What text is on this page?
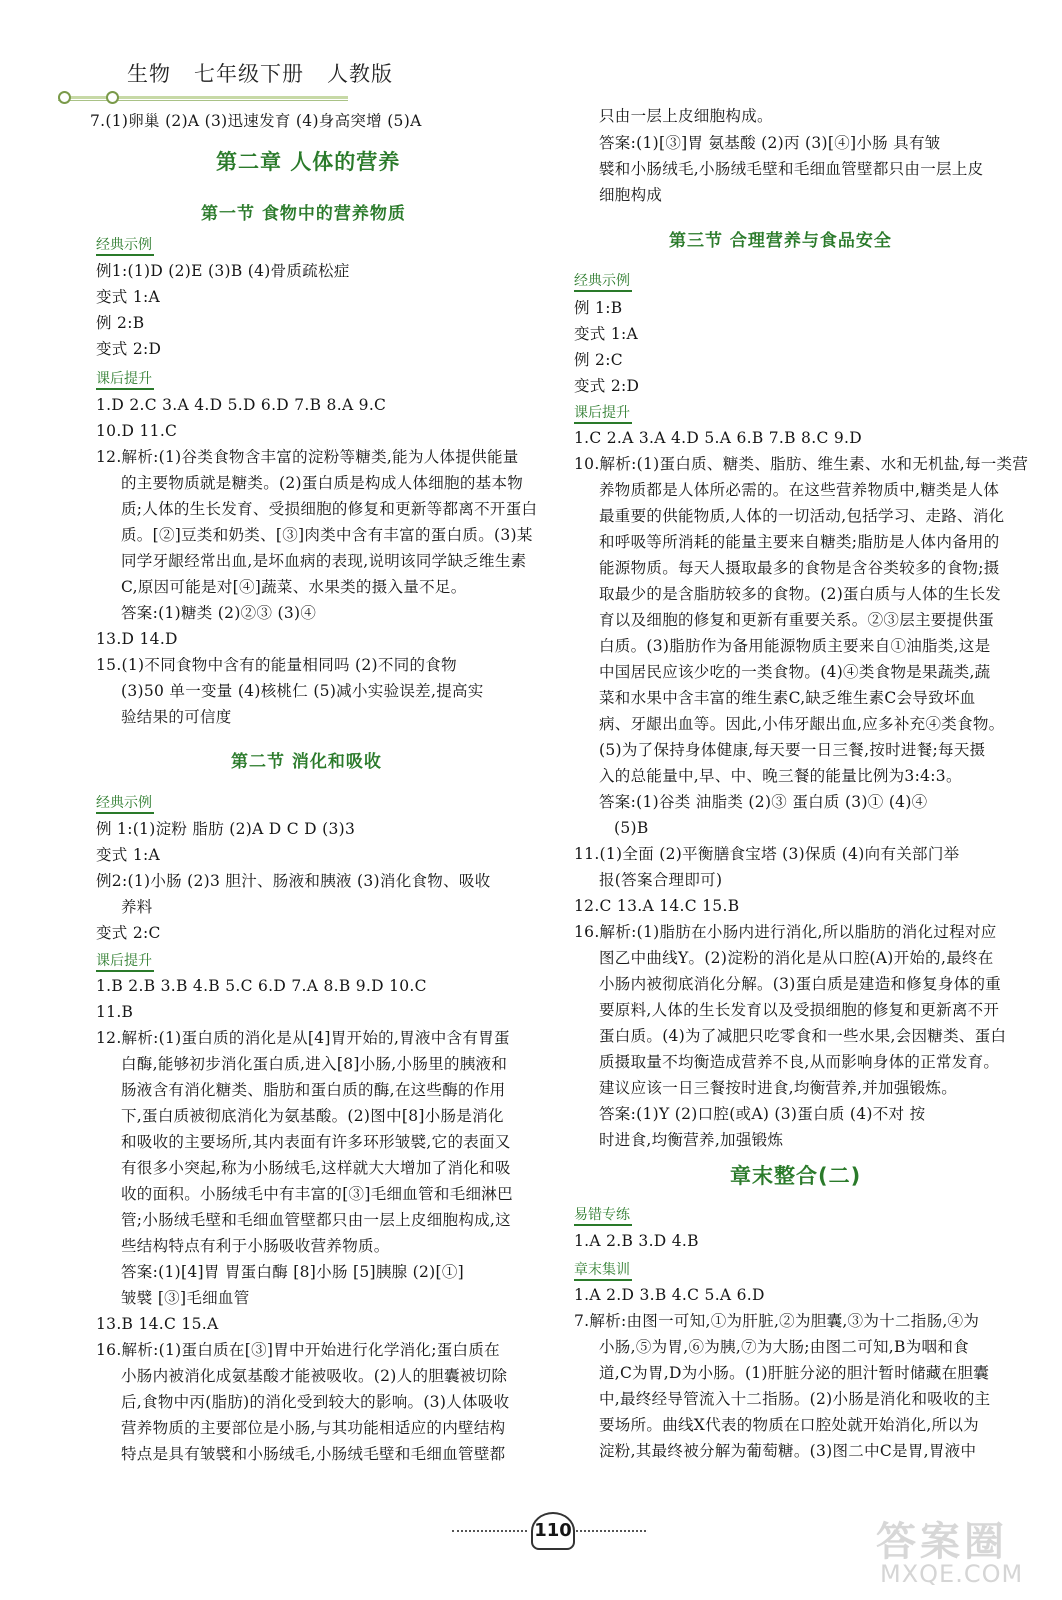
生物   七年级下册   人教版
7.(1)卵巢 (2)A (3)迅速发育 (4)身高突增 (5)A
第二章 人体的营养
第一节 食物中的营养物质
经典示例
例1:(1)D (2)E (3)B (4)骨质疏松症
变式 1:A
例 2:B
变式 2:D
课后提升
1.D 2.C 3.A 4.D 5.D 6.D 7.B 8.A 9.C
10.D 11.C
12.解析:(1)谷类食物含丰富的淀粉等糖类,能为人体提供能量
的主要物质就是糖类。(2)蛋白质是构成人体细胞的基本物
质;人体的生长发育、受损细胞的修复和更新等都离不开蛋白
质。[②]豆类和奶类、[③]肉类中含有丰富的蛋白质。(3)某
同学牙龈经常出血,是坏血病的表现,说明该同学缺乏维生素
C,原因可能是对[④]蔬菜、水果类的摄入量不足。
答案:(1)糖类 (2)②③ (3)④
13.D 14.D
15.(1)不同食物中含有的能量相同吗 (2)不同的食物
(3)50 单一变量 (4)核桃仁 (5)减小实验误差,提高实
验结果的可信度
第二节 消化和吸收
经典示例
例 1:(1)淀粉 脂肪 (2)A D C D (3)3
变式 1:A
例2:(1)小肠 (2)3 胆汁、肠液和胰液 (3)消化食物、吸收
养料
变式 2:C
课后提升
1.B 2.B 3.B 4.B 5.C 6.D 7.A 8.B 9.D 10.C
11.B
12.解析:(1)蛋白质的消化是从[4]胃开始的,胃液中含有胃蛋
白酶,能够初步消化蛋白质,进入[8]小肠,小肠里的胰液和
肠液含有消化糖类、脂肪和蛋白质的酶,在这些酶的作用
下,蛋白质被彻底消化为氨基酸。(2)图中[8]小肠是消化
和吸收的主要场所,其内表面有许多环形皱襞,它的表面又
有很多小突起,称为小肠绒毛,这样就大大增加了消化和吸
收的面积。小肠绒毛中有丰富的[③]毛细血管和毛细淋巴
管;小肠绒毛壁和毛细血管壁都只由一层上皮细胞构成,这
些结构特点有利于小肠吸收营养物质。
答案:(1)[4]胃 胃蛋白酶 [8]小肠 [5]胰腺 (2)[①]
皱襞 [③]毛细血管
13.B 14.C 15.A
16.解析:(1)蛋白质在[③]胃中开始进行化学消化;蛋白质在
小肠内被消化成氨基酸才能被吸收。(2)人的胆囊被切除
后,食物中丙(脂肪)的消化受到较大的影响。(3)人体吸收
营养物质的主要部位是小肠,与其功能相适应的内壁结构
特点是具有皱襞和小肠绒毛,小肠绒毛壁和毛细血管壁都
只由一层上皮细胞构成。
答案:(1)[③]胃 氨基酸 (2)丙 (3)[④]小肠 具有皱
襞和小肠绒毛,小肠绒毛壁和毛细血管壁都只由一层上皮
细胞构成
第三节 合理营养与食品安全
经典示例
例 1:B
变式 1:A
例 2:C
变式 2:D
课后提升
1.C 2.A 3.A 4.D 5.A 6.B 7.B 8.C 9.D
10.解析:(1)蛋白质、糖类、脂肪、维生素、水和无机盐,每一类营
养物质都是人体所必需的。在这些营养物质中,糖类是人体
最重要的供能物质,人体的一切活动,包括学习、走路、消化
和呼吸等所消耗的能量主要来自糖类;脂肪是人体内备用的
能源物质。每天人摄取最多的食物是含谷类较多的食物;摄
取最少的是含脂肪较多的食物。(2)蛋白质与人体的生长发
育以及细胞的修复和更新有重要关系。②③层主要提供蛋
白质。(3)脂肪作为备用能源物质主要来自①油脂类,这是
中国居民应该少吃的一类食物。(4)④类食物是果蔬类,蔬
菜和水果中含丰富的维生素C,缺乏维生素C会导致坏血
病、牙龈出血等。因此,小伟牙龈出血,应多补充④类食物。
(5)为了保持身体健康,每天要一日三餐,按时进餐;每天摄
入的总能量中,早、中、晚三餐的能量比例为3:4:3。
答案:(1)谷类 油脂类 (2)③ 蛋白质 (3)① (4)④
(5)B
11.(1)全面 (2)平衡膳食宝塔 (3)保质 (4)向有关部门举
报(答案合理即可)
12.C 13.A 14.C 15.B
16.解析:(1)脂肪在小肠内进行消化,所以脂肪的消化过程对应
图乙中曲线Y。(2)淀粉的消化是从口腔(A)开始的,最终在
小肠内被彻底消化分解。(3)蛋白质是建造和修复身体的重
要原料,人体的生长发育以及受损细胞的修复和更新离不开
蛋白质。(4)为了减肥只吃零食和一些水果,会因糖类、蛋白
质摄取量不均衡造成营养不良,从而影响身体的正常发育。
建议应该一日三餐按时进食,均衡营养,并加强锻炼。
答案:(1)Y (2)口腔(或A) (3)蛋白质 (4)不对 按
时进食,均衡营养,加强锻炼
章末整合(二)
易错专练
1.A 2.B 3.D 4.B
章末集训
1.A 2.D 3.B 4.C 5.A 6.D
7.解析:由图一可知,①为肝脏,②为胆囊,③为十二指肠,④为
小肠,⑤为胃,⑥为胰,⑦为大肠;由图二可知,B为咽和食
道,C为胃,D为小肠。(1)肝脏分泌的胆汁暂时储藏在胆囊
中,最终经导管流入十二指肠。(2)小肠是消化和吸收的主
要场所。曲线X代表的物质在口腔处就开始消化,所以为
淀粉,其最终被分解为葡萄糖。(3)图二中C是胃,胃液中
110	答案圈
MXQE.COM
